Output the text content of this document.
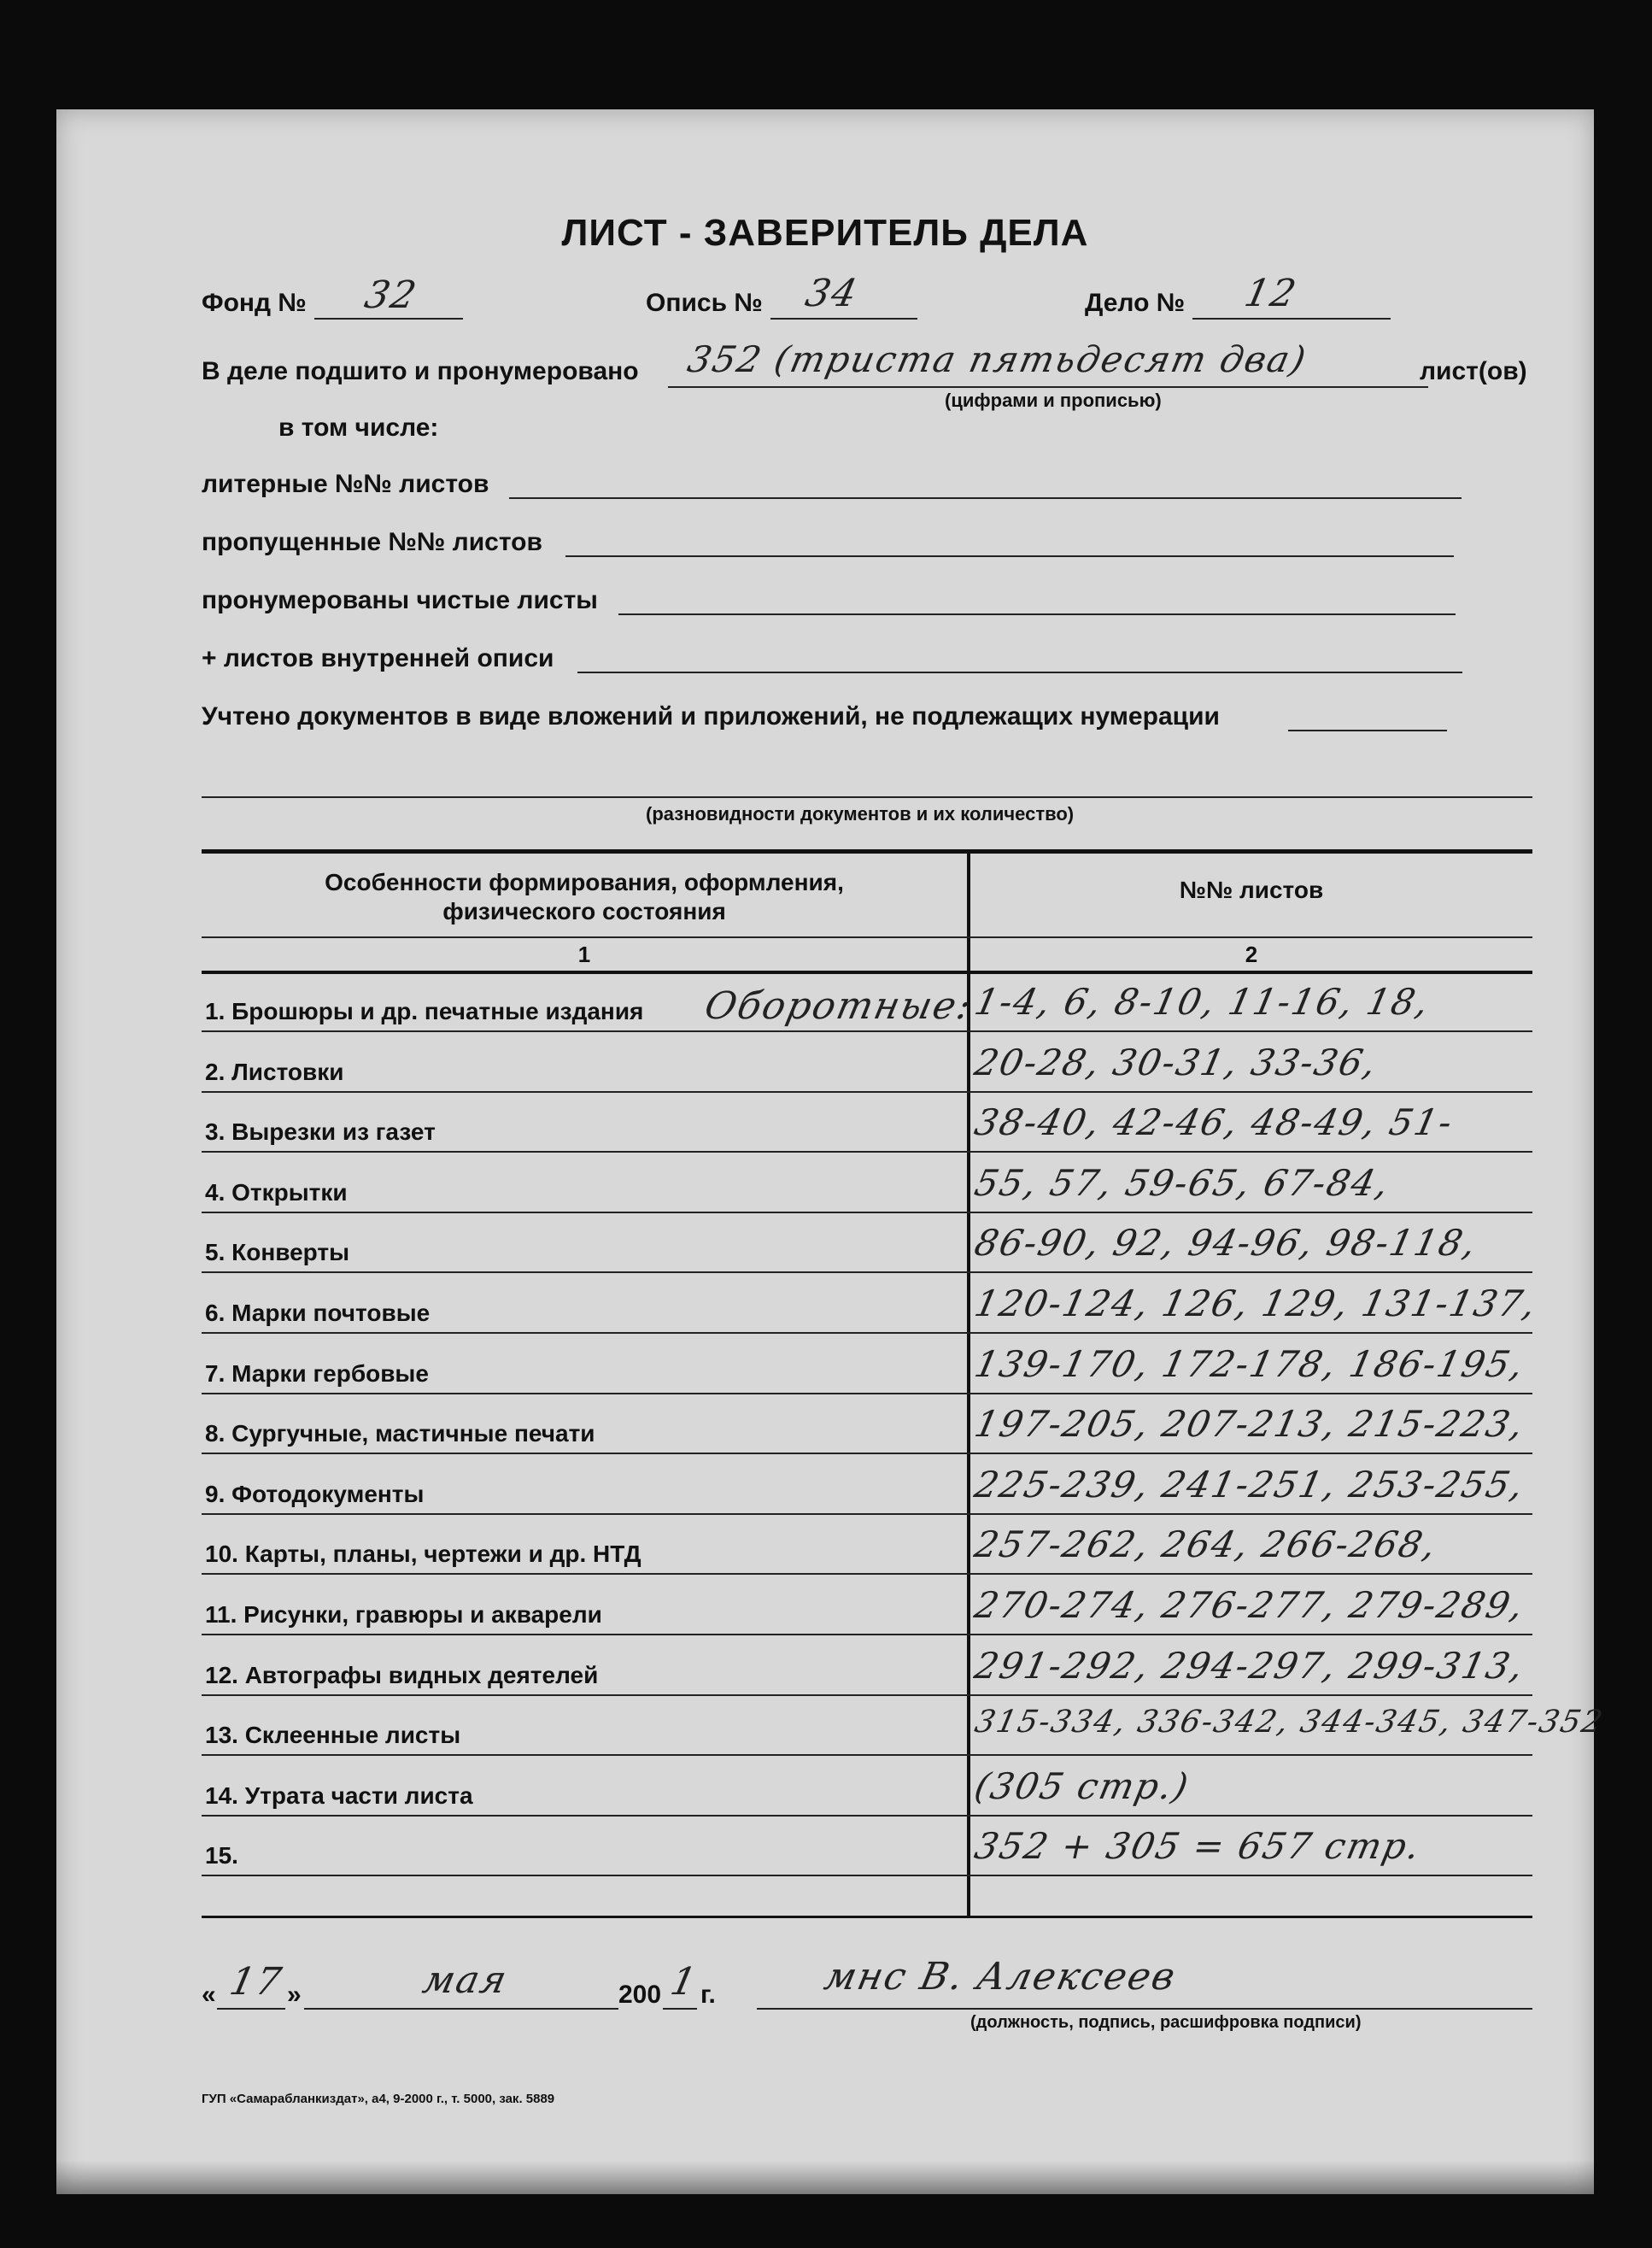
ЛИСТ - ЗАВЕРИТЕЛЬ ДЕЛА
Фонд № 32	Опись № 34	Дело № 12
В деле подшито и пронумеровано 352 (триста пятьдесят два)	лист(ов)
(цифрами и прописью)
в том числе:
литерные №№ листов
пропущенные №№ листов
пронумерованы чистые листы
+ листов внутренней описи
Учтено документов в виде вложений и приложений, не подлежащих нумерации
(разновидности документов и их количество)
Особенности формирования, оформления,
физического состояния
№№ листов
1	2
Оборотные:
1. Брошюры и др. печатные издания	1-4, 6, 8-10, 11-16, 18,
2. Листовки	20-28, 30-31, 33-36,
3. Вырезки из газет	38-40, 42-46, 48-49, 51-
4. Открытки	55, 57, 59-65, 67-84,
5. Конверты	86-90, 92, 94-96, 98-118,
6. Марки почтовые	120-124, 126, 129, 131-137,
7. Марки гербовые	139-170, 172-178, 186-195,
8. Сургучные, мастичные печати	197-205, 207-213, 215-223,
9. Фотодокументы	225-239, 241-251, 253-255,
10. Карты, планы, чертежи и др. НТД	257-262, 264, 266-268,
11. Рисунки, гравюры и акварели	270-274, 276-277, 279-289,
12. Автографы видных деятелей	291-292, 294-297, 299-313,
13. Склеенные листы	315-334, 336-342, 344-345, 347-352
14. Утрата части листа	(305 стр.)
15.	352 + 305 = 657 стр.
« 17 »	мая	200 1
г.	мнс В. Алексеев
(должность, подпись, расшифровка подписи)
ГУП «Самарабланкиздат», а4, 9-2000 г., т. 5000, зак. 5889
